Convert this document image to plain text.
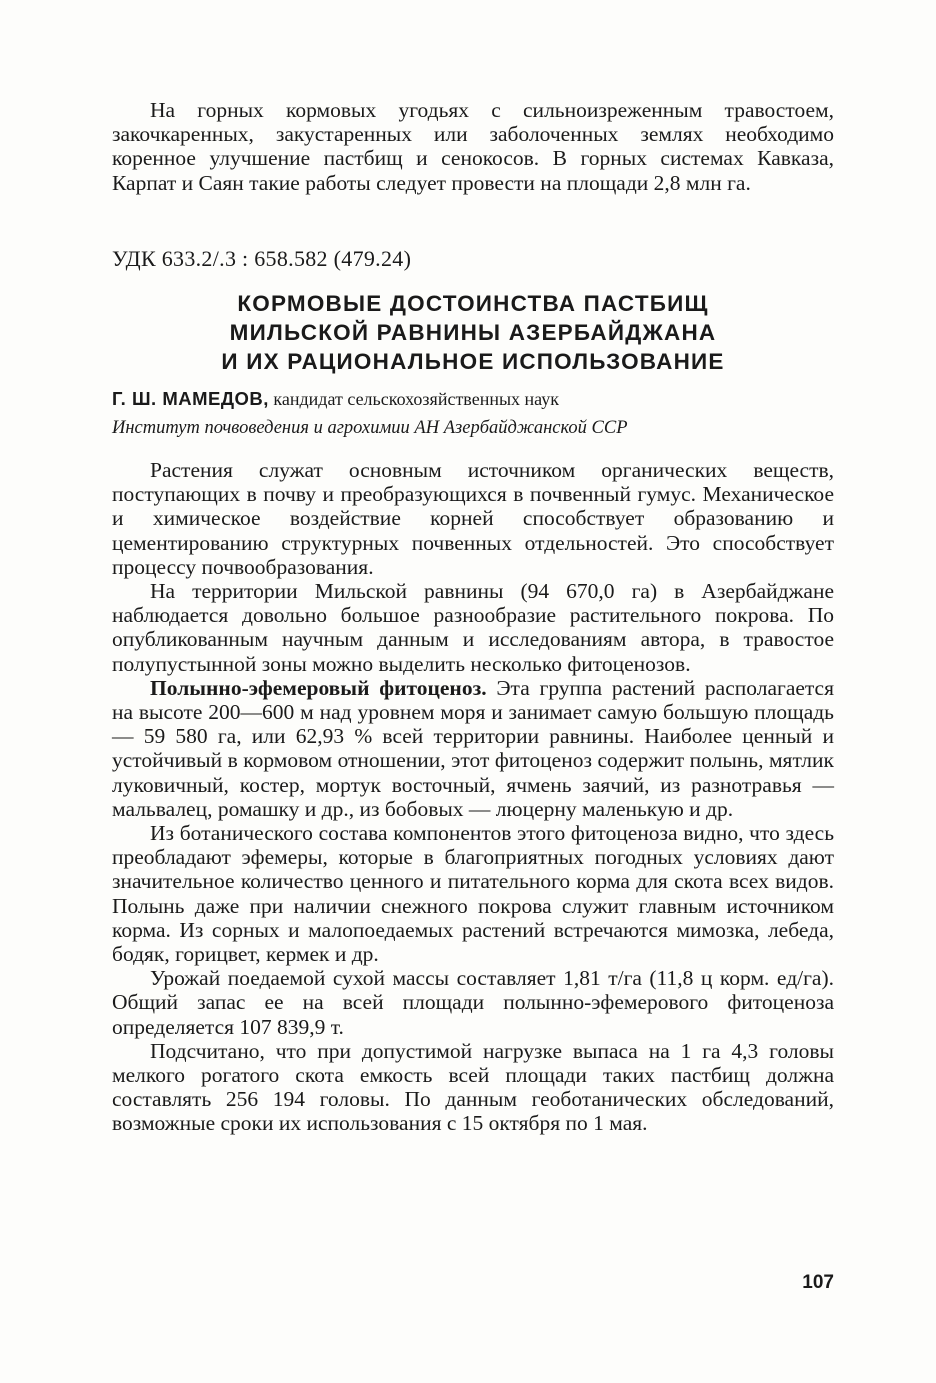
На горных кормовых угодьях с сильноизреженным травостоем, закочкаренных, закустаренных или заболоченных землях необходимо коренное улучшение пастбищ и сенокосов. В горных системах Кавказа, Карпат и Саян такие работы следует провести на площади 2,8 млн га.

УДК 633.2/.3 : 658.582 (479.24)

КОРМОВЫЕ ДОСТОИНСТВА ПАСТБИЩ
МИЛЬСКОЙ РАВНИНЫ АЗЕРБАЙДЖАНА
И ИХ РАЦИОНАЛЬНОЕ ИСПОЛЬЗОВАНИЕ

Г. Ш. МАМЕДОВ, кандидат сельскохозяйственных наук

Институт почвоведения и агрохимии АН Азербайджанской ССР

Растения служат основным источником органических веществ, поступающих в почву и преобразующихся в почвенный гумус. Механическое и химическое воздействие корней способствует образованию и цементированию структурных почвенных отдельностей. Это способствует процессу почвообразования.

На территории Мильской равнины (94 670,0 га) в Азербайджане наблюдается довольно большое разнообразие растительного покрова. По опубликованным научным данным и исследованиям автора, в травостое полупустынной зоны можно выделить несколько фитоценозов.

Полынно-эфемеровый фитоценоз. Эта группа растений располагается на высоте 200—600 м над уровнем моря и занимает самую большую площадь — 59 580 га, или 62,93 % всей территории равнины. Наиболее ценный и устойчивый в кормовом отношении, этот фитоценоз содержит полынь, мятлик луковичный, костер, мортук восточный, ячмень заячий, из разнотравья — мальвалец, ромашку и др., из бобовых — люцерну маленькую и др.

Из ботанического состава компонентов этого фитоценоза видно, что здесь преобладают эфемеры, которые в благоприятных погодных условиях дают значительное количество ценного и питательного корма для скота всех видов. Полынь даже при наличии снежного покрова служит главным источником корма. Из сорных и малопоедаемых растений встречаются мимозка, лебеда, бодяк, горицвет, кермек и др.

Урожай поедаемой сухой массы составляет 1,81 т/га (11,8 ц корм. ед/га). Общий запас ее на всей площади полынно-эфемерового фитоценоза определяется 107 839,9 т.

Подсчитано, что при допустимой нагрузке выпаса на 1 га 4,3 головы мелкого рогатого скота емкость всей площади таких пастбищ должна составлять 256 194 головы. По данным геоботанических обследований, возможные сроки их использования с 15 октября по 1 мая.

107
